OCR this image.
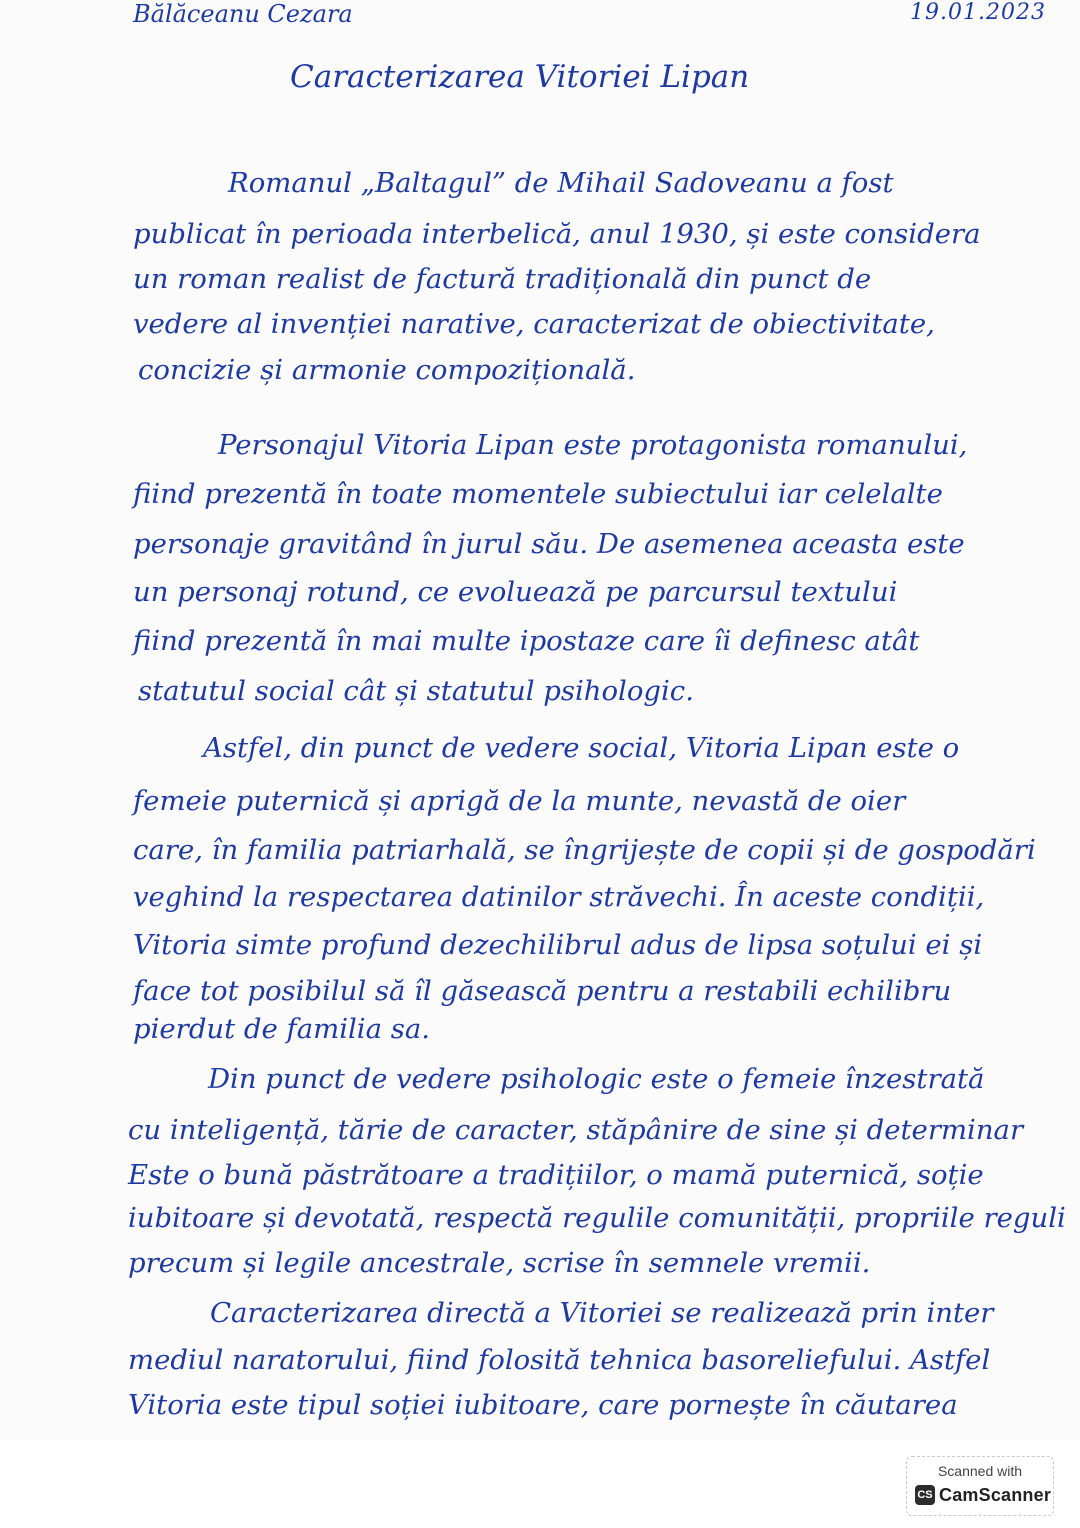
Bălăceanu Cezara	19.01.2023
Caracterizarea Vitoriei Lipan
Romanul „Baltagul” de Mihail Sadoveanu a fost
publicat în perioada interbelică, anul 1930, și este considera
un roman realist de factură tradițională din punct de
vedere al invenției narative, caracterizat de obiectivitate,
concizie și armonie compozițională.
Personajul Vitoria Lipan este protagonista romanului,
fiind prezentă în toate momentele subiectului iar celelalte
personaje gravitând în jurul său. De asemenea aceasta este
un personaj rotund, ce evoluează pe parcursul textului
fiind prezentă în mai multe ipostaze care îi definesc atât
statutul social cât și statutul psihologic.
Astfel, din punct de vedere social, Vitoria Lipan este o
femeie puternică și aprigă de la munte, nevastă de oier
care, în familia patriarhală, se îngrijește de copii și de gospodări
veghind la respectarea datinilor străvechi. În aceste condiții,
Vitoria simte profund dezechilibrul adus de lipsa soțului ei și
face tot posibilul să îl găsească pentru a restabili echilibru
pierdut de familia sa.
Din punct de vedere psihologic este o femeie înzestrată
cu inteligență, tărie de caracter, stăpânire de sine și determinar
Este o bună păstrătoare a tradițiilor, o mamă puternică, soție
iubitoare și devotată, respectă regulile comunității, propriile reguli
precum și legile ancestrale, scrise în semnele vremii.
Caracterizarea directă a Vitoriei se realizează prin inter
mediul naratorului, fiind folosită tehnica basoreliefului. Astfel
Vitoria este tipul soției iubitoare, care pornește în căutarea
Scanned with
CS CamScanner
